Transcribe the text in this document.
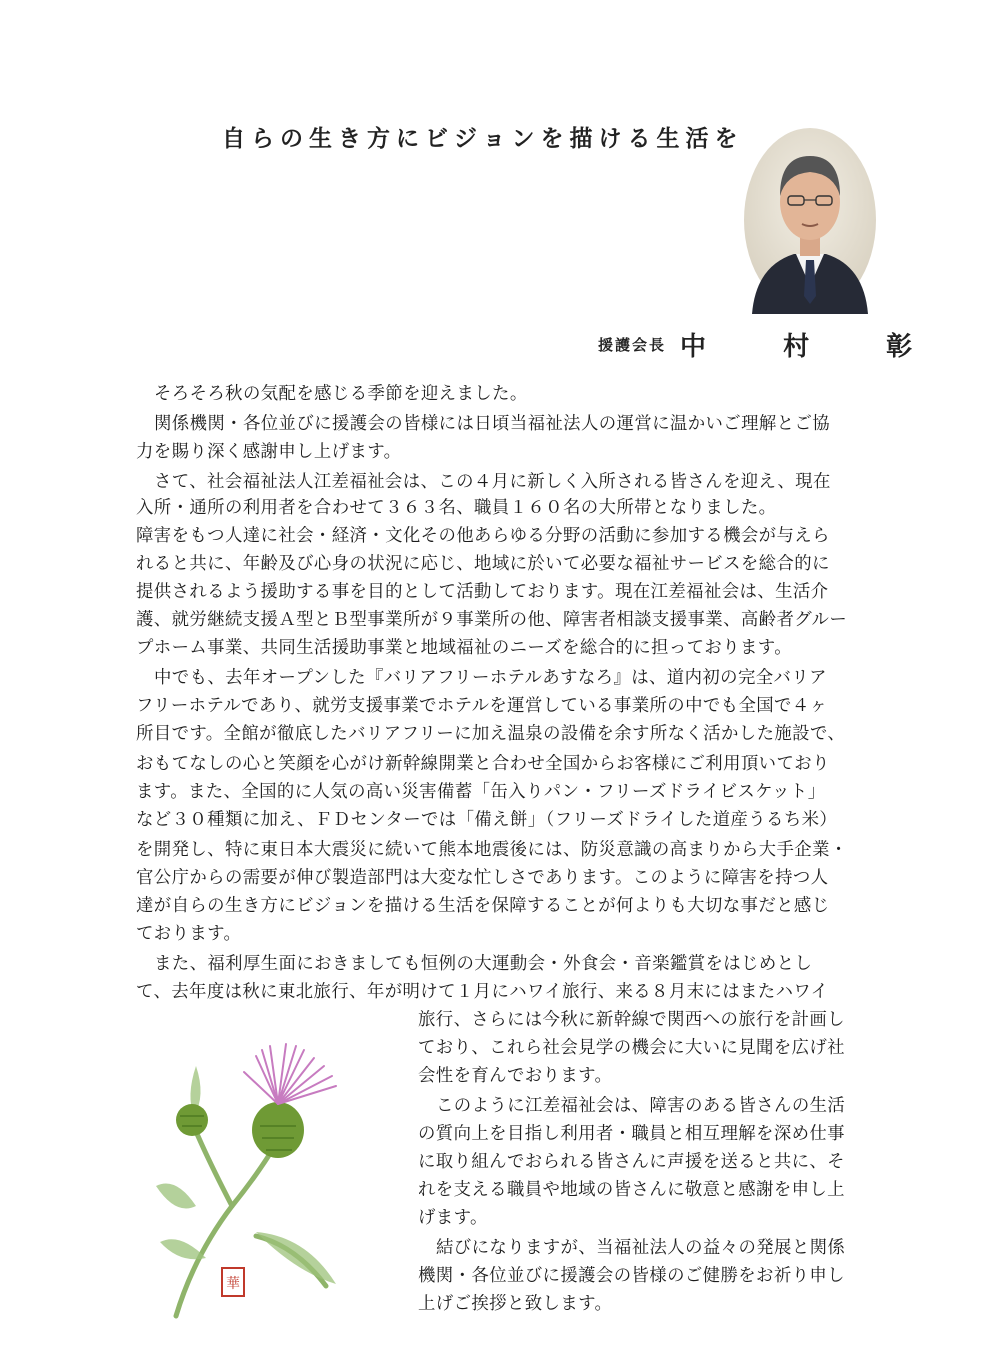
自らの生き方にビジョンを描ける生活を
援護会長 中 村 彰
そろそろ秋の気配を感じる季節を迎えました。
関係機関・各位並びに援護会の皆様には日頃当福祉法人の運営に温かいご理解とご協
力を賜り深く感謝申し上げます。
さて、社会福祉法人江差福祉会は、この４月に新しく入所される皆さんを迎え、現在
入所・通所の利用者を合わせて３６３名、職員１６０名の大所帯となりました。
障害をもつ人達に社会・経済・文化その他あらゆる分野の活動に参加する機会が与えら
れると共に、年齢及び心身の状況に応じ、地域に於いて必要な福祉サービスを総合的に
提供されるよう援助する事を目的として活動しております。現在江差福祉会は、生活介
護、就労継続支援Ａ型とＢ型事業所が９事業所の他、障害者相談支援事業、高齢者グルー
プホーム事業、共同生活援助事業と地域福祉のニーズを総合的に担っております。
中でも、去年オープンした『バリアフリーホテルあすなろ』は、道内初の完全バリア
フリーホテルであり、就労支援事業でホテルを運営している事業所の中でも全国で４ヶ
所目です。全館が徹底したバリアフリーに加え温泉の設備を余す所なく活かした施設で、
おもてなしの心と笑顔を心がけ新幹線開業と合わせ全国からお客様にご利用頂いており
ます。また、全国的に人気の高い災害備蓄「缶入りパン・フリーズドライビスケット」
など３０種類に加え、ＦＤセンターでは「備え餅」（フリーズドライした道産うるち米）
を開発し、特に東日本大震災に続いて熊本地震後には、防災意識の高まりから大手企業・
官公庁からの需要が伸び製造部門は大変な忙しさであります。このように障害を持つ人
達が自らの生き方にビジョンを描ける生活を保障することが何よりも大切な事だと感じ
ております。
また、福利厚生面におきましても恒例の大運動会・外食会・音楽鑑賞をはじめとし
て、去年度は秋に東北旅行、年が明けて１月にハワイ旅行、来る８月末にはまたハワイ
旅行、さらには今秋に新幹線で関西への旅行を計画し
ており、これら社会見学の機会に大いに見聞を広げ社
会性を育んでおります。
このように江差福祉会は、障害のある皆さんの生活
の質向上を目指し利用者・職員と相互理解を深め仕事
に取り組んでおられる皆さんに声援を送ると共に、そ
れを支える職員や地域の皆さんに敬意と感謝を申し上
げます。
結びになりますが、当福祉法人の益々の発展と関係
機関・各位並びに援護会の皆様のご健勝をお祈り申し
上げご挨拶と致します。
華
